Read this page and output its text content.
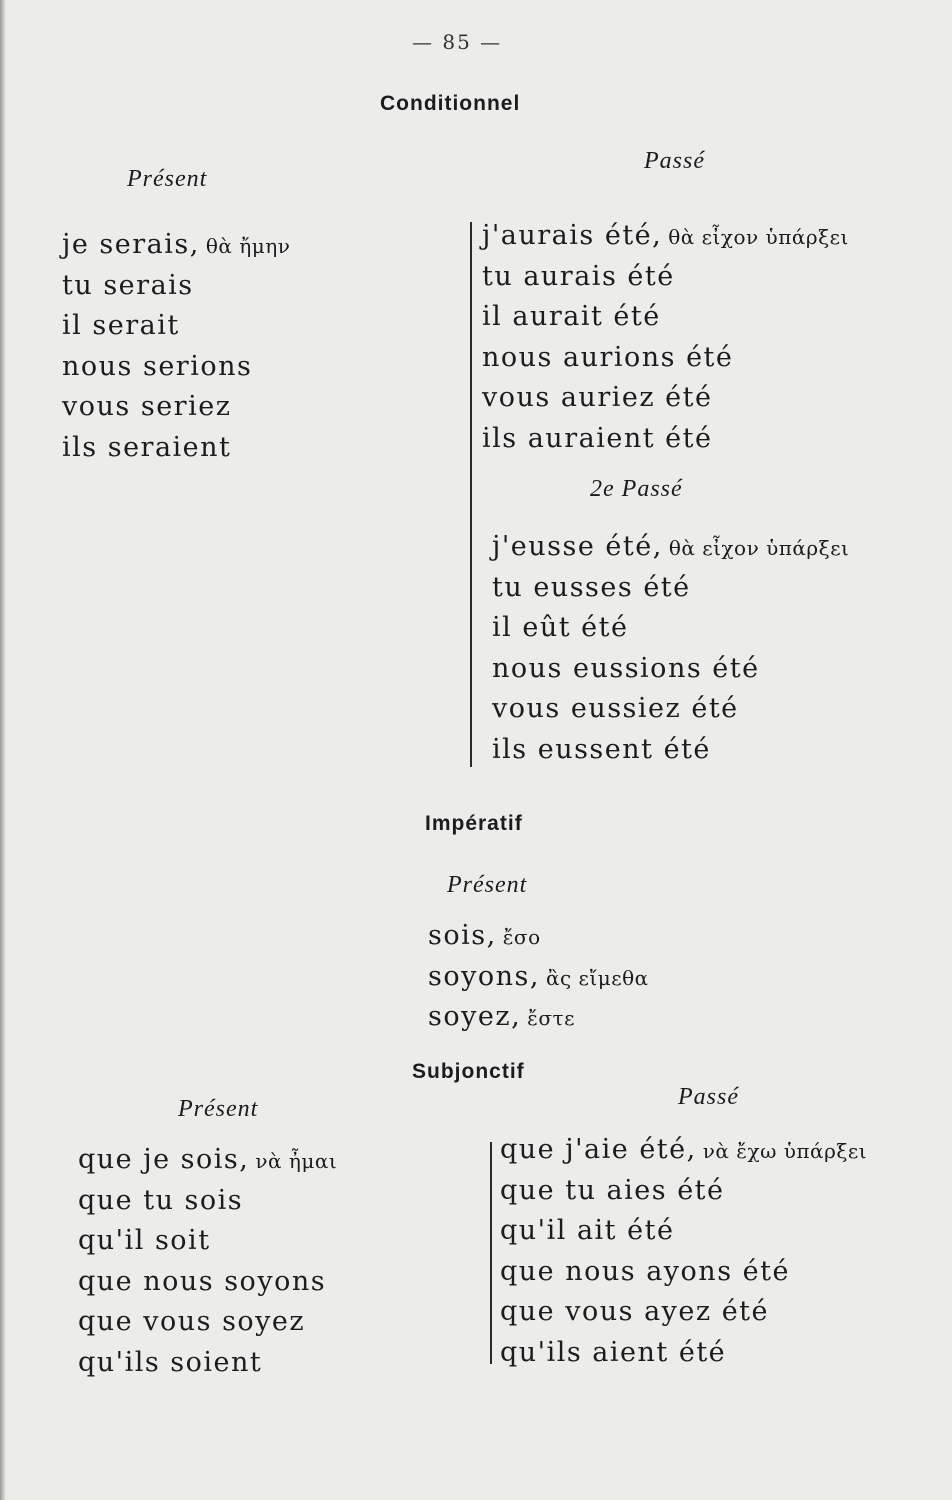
— 85 —
Conditionnel
Présent
Passé
je serais, θὰ ἤμην
tu serais
il serait
nous serions
vous seriez
ils seraient
j'aurais été, θὰ εἶχον ὑπάρξει
tu aurais été
il aurait été
nous aurions été
vous auriez été
ils auraient été
2e Passé
j'eusse été, θὰ εἶχον ὑπάρξει
tu eusses été
il eût été
nous eussions été
vous eussiez été
ils eussent été
Impératif
Présent
sois, ἔσο
soyons, ἂς εἴμεθα
soyez, ἔστε
Subjonctif
Présent	Passé
que je sois, νὰ ἦμαι
que tu sois
qu'il soit
que nous soyons
que vous soyez
qu'ils soient
que j'aie été, νὰ ἔχω ὑπάρξει
que tu aies été
qu'il ait été
que nous ayons été
que vous ayez été
qu'ils aient été
